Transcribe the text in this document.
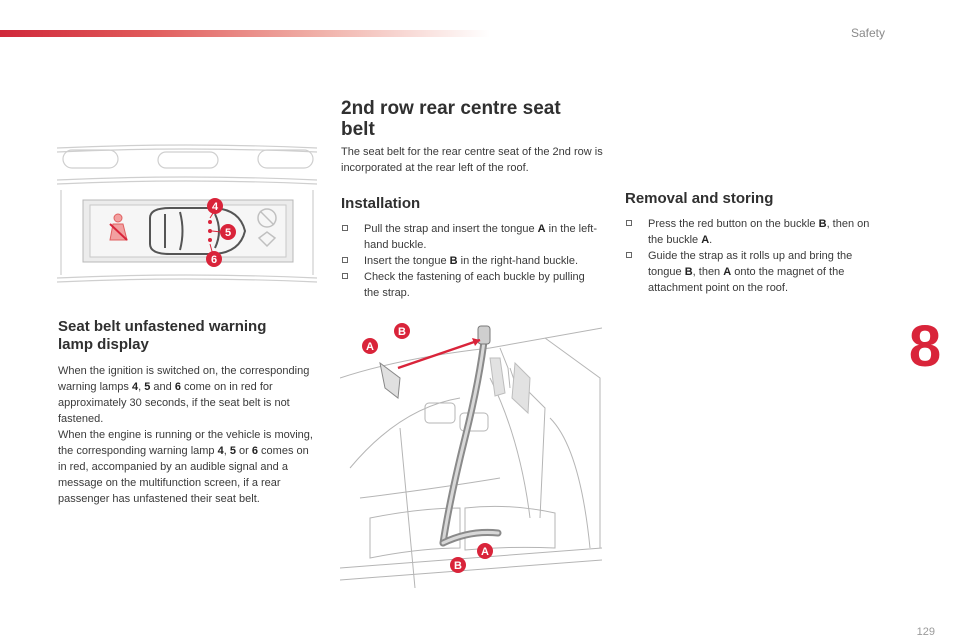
Safety
8
129
4
5
6
A
B
A
B
Seat belt unfastened warning
lamp display

When the ignition is switched on, the corresponding warning lamps 4, 5 and 6 come on in red for approximately 30 seconds, if the seat belt is not fastened.

When the engine is running or the vehicle is moving, the corresponding warning lamp 4, 5 or 6 comes on in red, accompanied by an audible signal and a message on the multifunction screen, if a rear passenger has unfastened their seat belt.

2nd row rear centre seat
belt

The seat belt for the rear centre seat of the 2nd row is incorporated at the rear left of the roof.

Installation
Pull the strap and insert the tongue A in the left-hand buckle.
Insert the tongue B in the right-hand buckle.
Check the fastening of each buckle by pulling the strap.
Removal and storing
Press the red button on the buckle B, then on the buckle A.
Guide the strap as it rolls up and bring the tongue B, then A onto the magnet of the attachment point on the roof.
